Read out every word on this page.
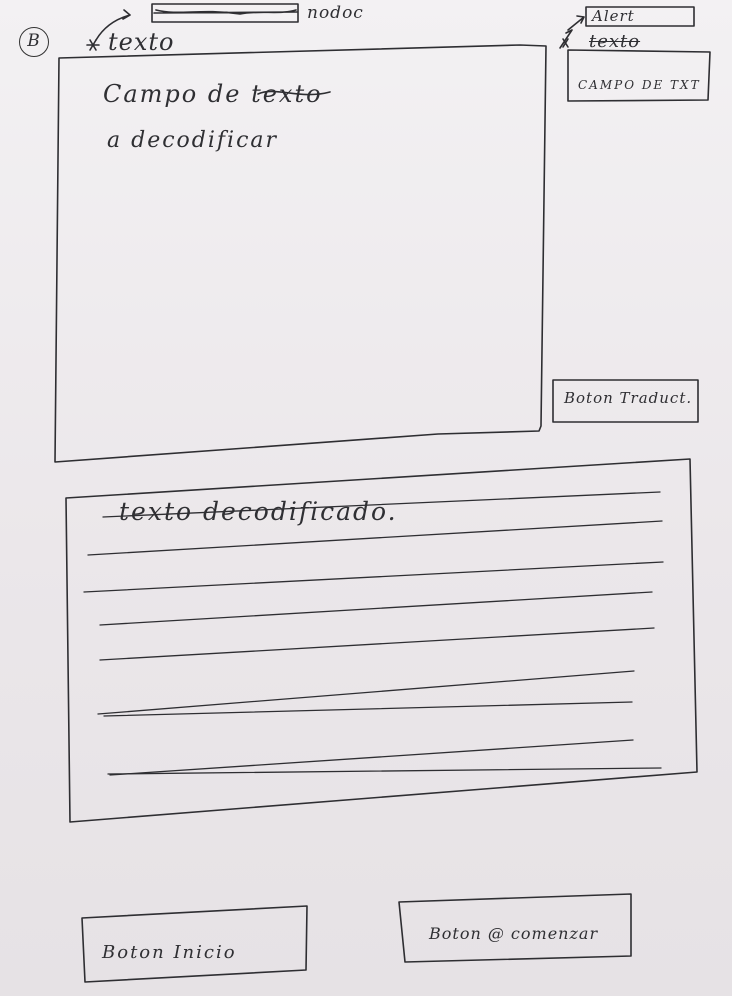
B	texto
nodoc
Campo de texto
a decodificar
Boton Traduct.
texto decodificado.
Boton Inicio
Boton @ comenzar
Alert
texto
CAMPO DE TXT
